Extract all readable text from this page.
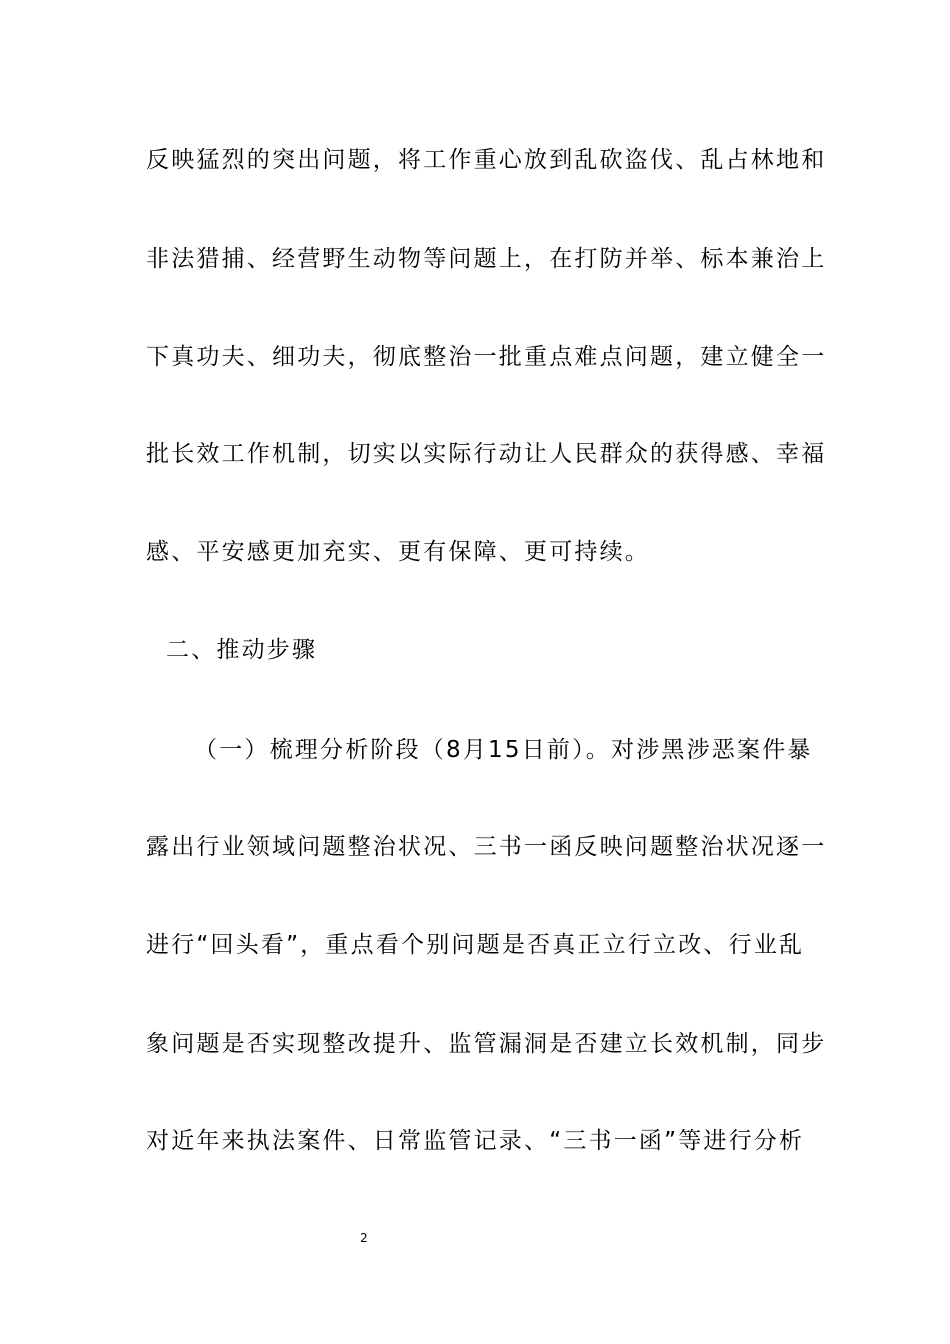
反映猛烈的突出问题，将工作重心放到乱砍盗伐、乱占林地和
非法猎捕、经营野生动物等问题上，在打防并举、标本兼治上
下真功夫、细功夫，彻底整治一批重点难点问题，建立健全一
批长效工作机制，切实以实际行动让人民群众的获得感、幸福
感、平安感更加充实、更有保障、更可持续。
二、推动步骤
（一）梳理分析阶段（8月15日前）。对涉黑涉恶案件暴
露出行业领域问题整治状况、三书一函反映问题整治状况逐一
进行“回头看”，重点看个别问题是否真正立行立改、行业乱
象问题是否实现整改提升、监管漏洞是否建立长效机制，同步
对近年来执法案件、日常监管记录、“三书一函”等进行分析
2
